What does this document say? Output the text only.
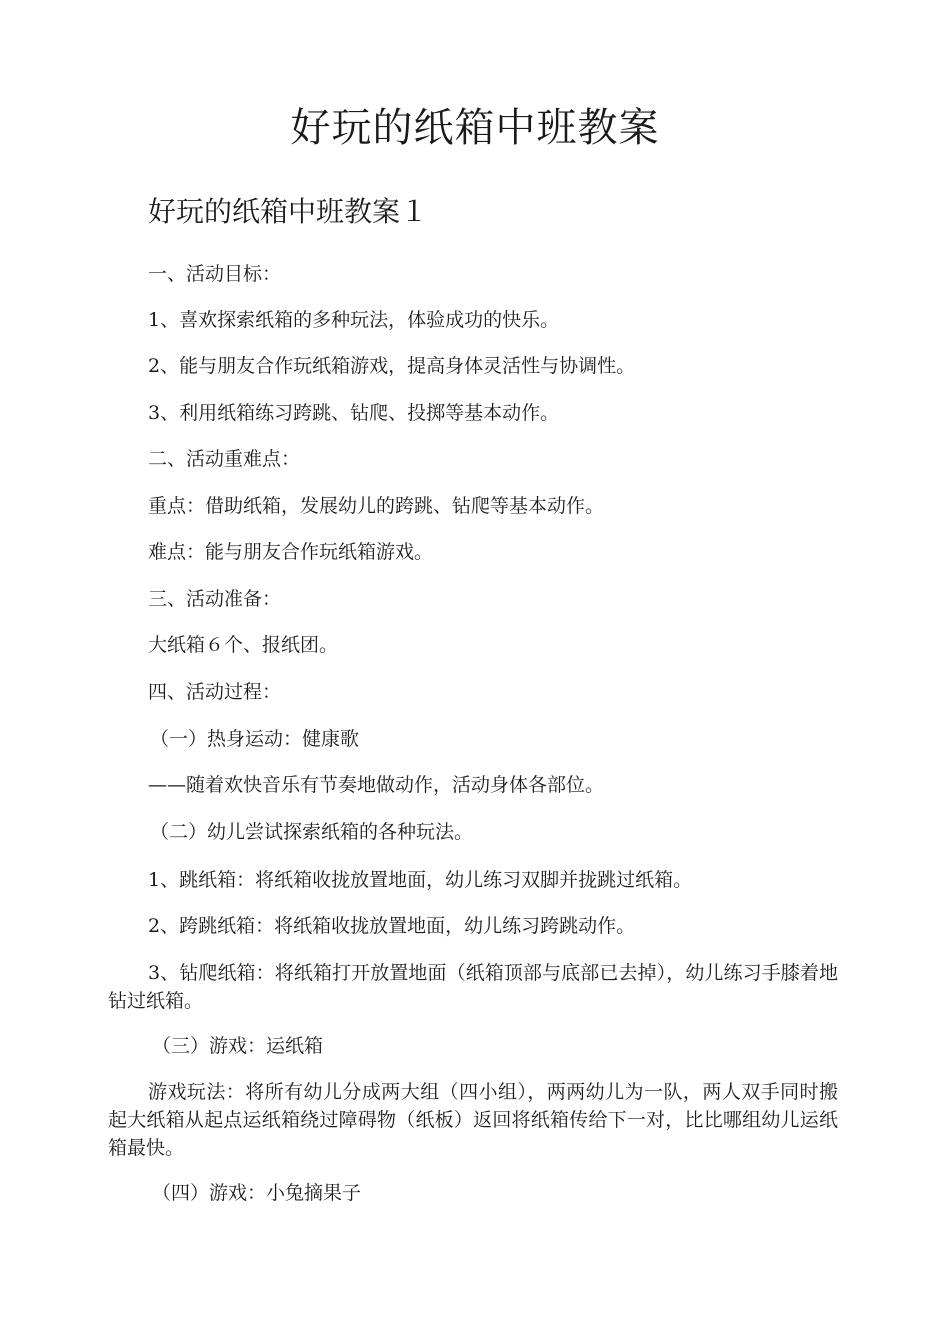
好玩的纸箱中班教案
好玩的纸箱中班教案１

一、活动目标：

1、喜欢探索纸箱的多种玩法，体验成功的快乐。

2、能与朋友合作玩纸箱游戏，提高身体灵活性与协调性。

3、利用纸箱练习跨跳、钻爬、投掷等基本动作。

二、活动重难点：

重点：借助纸箱，发展幼儿的跨跳、钻爬等基本动作。

难点：能与朋友合作玩纸箱游戏。

三、活动准备：

大纸箱６个、报纸团。

四、活动过程：

（一）热身运动：健康歌

——随着欢快音乐有节奏地做动作，活动身体各部位。

（二）幼儿尝试探索纸箱的各种玩法。

1、跳纸箱：将纸箱收拢放置地面，幼儿练习双脚并拢跳过纸箱。

2、跨跳纸箱：将纸箱收拢放置地面，幼儿练习跨跳动作。

3、钻爬纸箱：将纸箱打开放置地面（纸箱顶部与底部已去掉），幼儿练习手膝着地钻过纸箱。

（三）游戏：运纸箱

游戏玩法：将所有幼儿分成两大组（四小组），两两幼儿为一队，两人双手同时搬起大纸箱从起点运纸箱绕过障碍物（纸板）返回将纸箱传给下一对，比比哪组幼儿运纸箱最快。

（四）游戏：小兔摘果子
